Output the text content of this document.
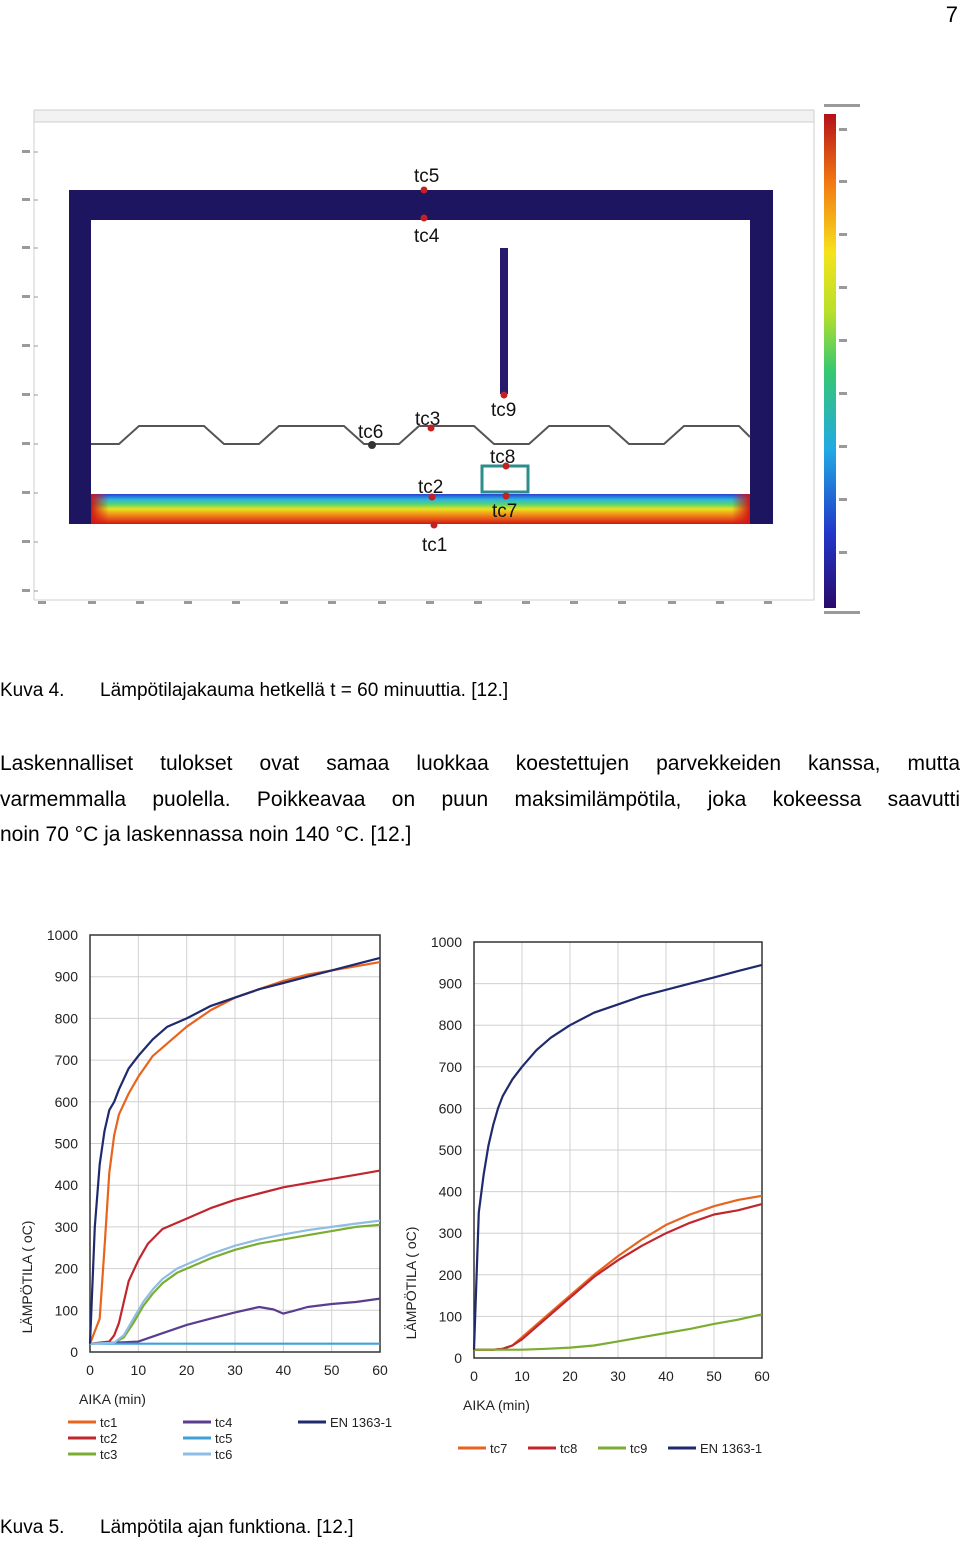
7
tc5
tc4
tc9
tc6
tc3
tc8
tc2
tc7
tc1
Kuva 4. Lämpötilajakauma hetkellä t = 60 minuuttia. [12.]
Laskennalliset tulokset ovat samaa luokkaa koestettujen parvekkeiden kanssa, mutta
varmemmalla puolella. Poikkeavaa on puun maksimilämpötila, joka kokeessa saavutti
noin 70 °C ja laskennassa noin 140 °C. [12.]
0
100
200
300
400
500
600
700
800
900
1000
0	10 20 30 40 50 60
AIKA (min)
LÄMPÖTILA ( oC)
tc1
tc2
tc3
tc4
tc5
tc6
EN 1363-1
0
100
200
300
400
500
600
700
800
900
1000
0	10 20 30 40 50 60
AIKA (min)
LÄMPÖTILA ( oC)
tc7	tc8	tc9	EN 1363-1
Kuva 5. Lämpötila ajan funktiona. [12.]
